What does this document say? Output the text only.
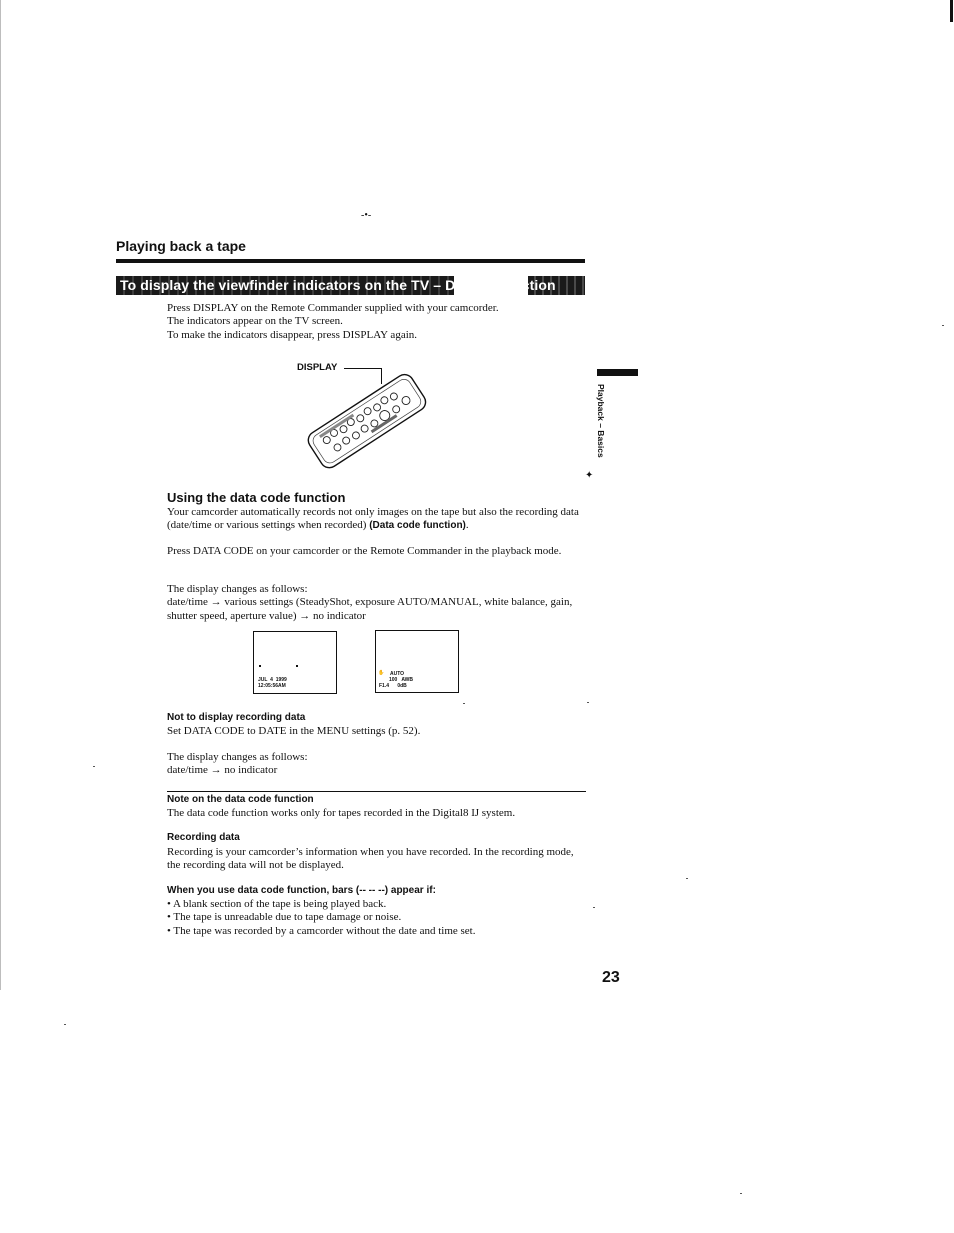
-•-
Playing back a tape
To display the viewfinder indicators on the TV – Display function
Press DISPLAY on the Remote Commander supplied with your camcorder.
The indicators appear on the TV screen.
To make the indicators disappear, press DISPLAY again.
DISPLAY
Playback – Basics
✦
Using the data code function
Your camcorder automatically records not only images on the tape but also the recording data (date/time or various settings when recorded) (Data code function).
Press DATA CODE on your camcorder or the Remote Commander in the playback mode.
The display changes as follows:
date/time → various settings (SteadyShot, exposure AUTO/MANUAL, white balance, gain, shutter speed, aperture value) → no indicator
JUL  4  1999
12:05:56AM
✋ AUTO
100   AWB
F1.4      0dB
Not to display recording data
Set DATA CODE to DATE in the MENU settings (p. 52).
The display changes as follows:
date/time → no indicator
Note on the data code function
The data code function works only for tapes recorded in the Digital8 Ĳ system.
Recording data
Recording is your camcorder’s information when you have recorded. In the recording mode, the recording data will not be displayed.
When you use data code function, bars (-- -- --) appear if:
• A blank section of the tape is being played back.
• The tape is unreadable due to tape damage or noise.
• The tape was recorded by a camcorder without the date and time set.
23
